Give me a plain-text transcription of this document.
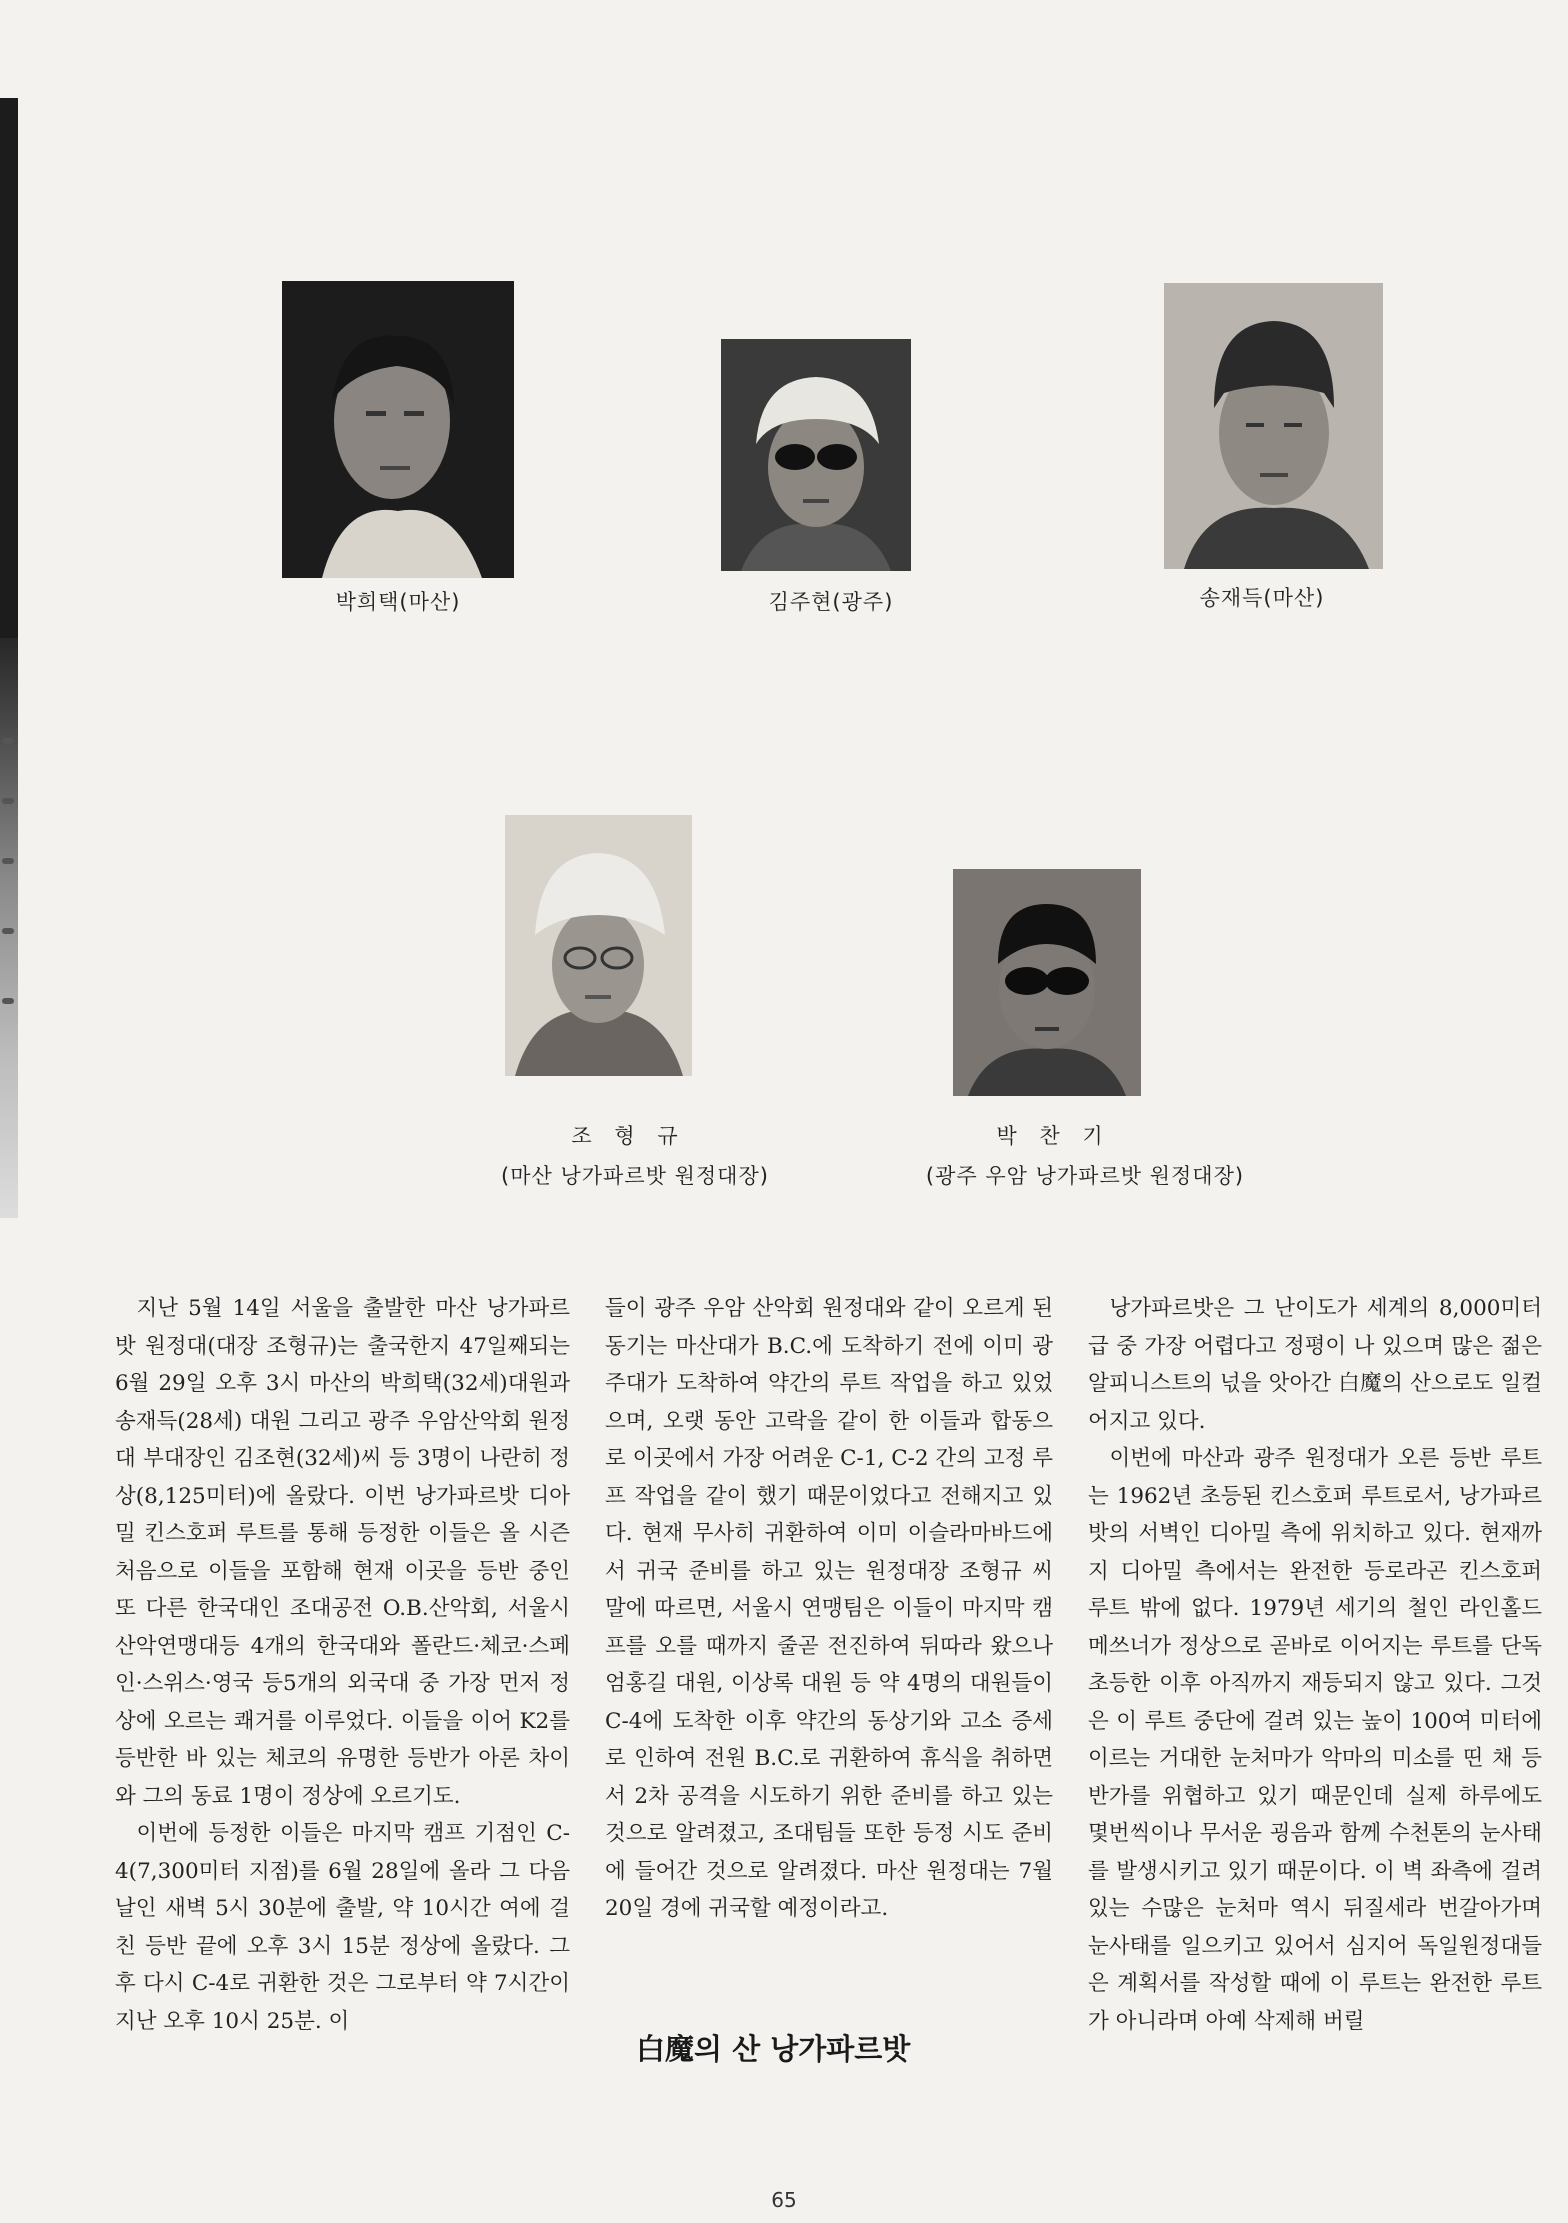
박희택(마산)	김주현(광주)	송재득(마산)
조 형 규
(마산 낭가파르밧 원정대장)
박 찬 기
(광주 우암 낭가파르밧 원정대장)

지난 5월 14일 서울을 출발한 마산 낭가파르밧 원정대(대장 조형규)는 출국한지 47일째되는 6월 29일 오후 3시 마산의 박희택(32세)대원과 송재득(28세) 대원 그리고 광주 우암산악회 원정대 부대장인 김조현(32세)씨 등 3명이 나란히 정상(8,125미터)에 올랐다. 이번 낭가파르밧 디아밀 킨스호퍼 루트를 통해 등정한 이들은 올 시즌 처음으로 이들을 포함해 현재 이곳을 등반 중인 또 다른 한국대인 조대공전 O.B.산악회, 서울시 산악연맹대등 4개의 한국대와 폴란드·체코·스페인·스위스·영국 등5개의 외국대 중 가장 먼저 정상에 오르는 쾌거를 이루었다. 이들을 이어 K2를 등반한 바 있는 체코의 유명한 등반가 아론 차이와 그의 동료 1명이 정상에 오르기도.

이번에 등정한 이들은 마지막 캠프 기점인 C-4(7,300미터 지점)를 6월 28일에 올라 그 다음날인 새벽 5시 30분에 출발, 약 10시간 여에 걸친 등반 끝에 오후 3시 15분 정상에 올랐다. 그 후 다시 C-4로 귀환한 것은 그로부터 약 7시간이 지난 오후 10시 25분. 이

들이 광주 우암 산악회 원정대와 같이 오르게 된 동기는 마산대가 B.C.에 도착하기 전에 이미 광주대가 도착하여 약간의 루트 작업을 하고 있었으며, 오랫 동안 고락을 같이 한 이들과 합동으로 이곳에서 가장 어려운 C-1, C-2 간의 고정 루프 작업을 같이 했기 때문이었다고 전해지고 있다. 현재 무사히 귀환하여 이미 이슬라마바드에서 귀국 준비를 하고 있는 원정대장 조형규 씨 말에 따르면, 서울시 연맹팀은 이들이 마지막 캠프를 오를 때까지 줄곧 전진하여 뒤따라 왔으나 엄홍길 대원, 이상록 대원 등 약 4명의 대원들이 C-4에 도착한 이후 약간의 동상기와 고소 증세로 인하여 전원 B.C.로 귀환하여 휴식을 취하면서 2차 공격을 시도하기 위한 준비를 하고 있는 것으로 알려졌고, 조대팀들 또한 등정 시도 준비에 들어간 것으로 알려졌다. 마산 원정대는 7월 20일 경에 귀국할 예정이라고.

白魔의 산 낭가파르밧

낭가파르밧은 그 난이도가 세계의 8,000미터급 중 가장 어렵다고 정평이 나 있으며 많은 젊은 알피니스트의 넋을 앗아간 白魔의 산으로도 일컬어지고 있다.

이번에 마산과 광주 원정대가 오른 등반 루트는 1962년 초등된 킨스호퍼 루트로서, 낭가파르밧의 서벽인 디아밀 측에 위치하고 있다. 현재까지 디아밀 측에서는 완전한 등로라곤 킨스호퍼 루트 밖에 없다. 1979년 세기의 철인 라인홀드 메쓰너가 정상으로 곧바로 이어지는 루트를 단독 초등한 이후 아직까지 재등되지 않고 있다. 그것은 이 루트 중단에 걸려 있는 높이 100여 미터에 이르는 거대한 눈처마가 악마의 미소를 띤 채 등반가를 위협하고 있기 때문인데 실제 하루에도 몇번씩이나 무서운 굉음과 함께 수천톤의 눈사태를 발생시키고 있기 때문이다. 이 벽 좌측에 걸려 있는 수많은 눈처마 역시 뒤질세라 번갈아가며 눈사태를 일으키고 있어서 심지어 독일원정대들은 계획서를 작성할 때에 이 루트는 완전한 루트가 아니라며 아예 삭제해 버릴

65
